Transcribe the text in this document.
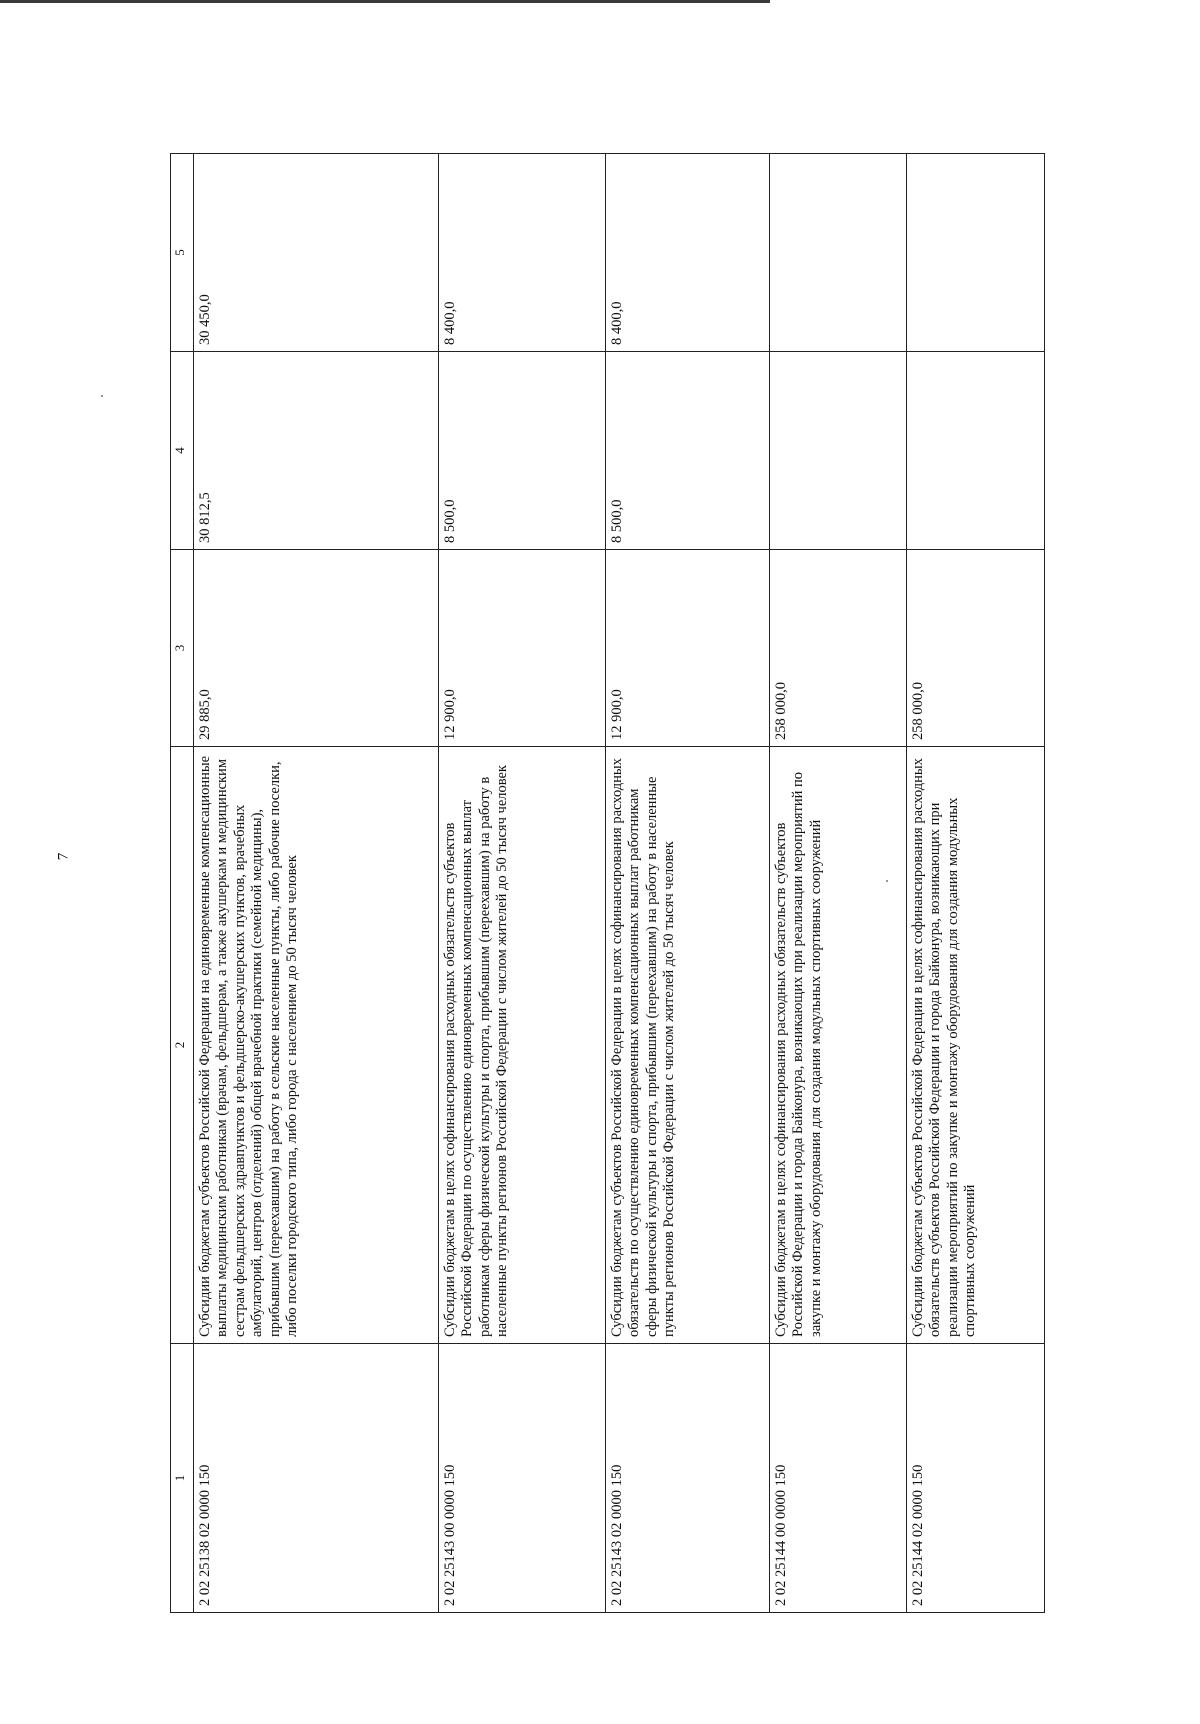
7
1	2	3	4	5
2 02 25138 02 0000 150	Субсидии бюджетам субъектов Российской Федерации на единовременные компенсационные выплаты медицинским работникам (врачам, фельдшерам, а также акушеркам и медицинским сестрам фельдшерских здравпунктов и фельдшерско-акушерских пунктов, врачебных амбулаторий, центров (отделений) общей врачебной практики (семейной медицины), прибывшим (переехавшим) на работу в сельские населенные пункты, либо рабочие поселки, либо поселки городского типа, либо города с населением до 50 тысяч человек	29 885,0	30 812,5	30 450,0
2 02 25143 00 0000 150	Субсидии бюджетам в целях софинансирования расходных обязательств субъектов Российской Федерации по осуществлению единовременных компенсационных выплат работникам сферы физической культуры и спорта, прибывшим (переехавшим) на работу в населенные пункты регионов Российской Федерации с числом жителей до 50 тысяч человек	12 900,0	8 500,0	8 400,0
2 02 25143 02 0000 150	Субсидии бюджетам субъектов Российской Федерации в целях софинансирования расходных обязательств по осуществлению единовременных компенсационных выплат работникам сферы физической культуры и спорта, прибывшим (переехавшим) на работу в населенные пункты регионов Российской Федерации с числом жителей до 50 тысяч человек	12 900,0	8 500,0	8 400,0
2 02 25144 00 0000 150	Субсидии бюджетам в целях софинансирования расходных обязательств субъектов Российской Федерации и города Байконура, возникающих при реализации мероприятий по закупке и монтажу оборудования для создания модульных спортивных сооружений	258 000,0		
2 02 25144 02 0000 150	Субсидии бюджетам субъектов Российской Федерации в целях софинансирования расходных обязательств субъектов Российской Федерации и города Байконура, возникающих при реализации мероприятий по закупке и монтажу оборудования для создания модульных спортивных сооружений	258 000,0		
